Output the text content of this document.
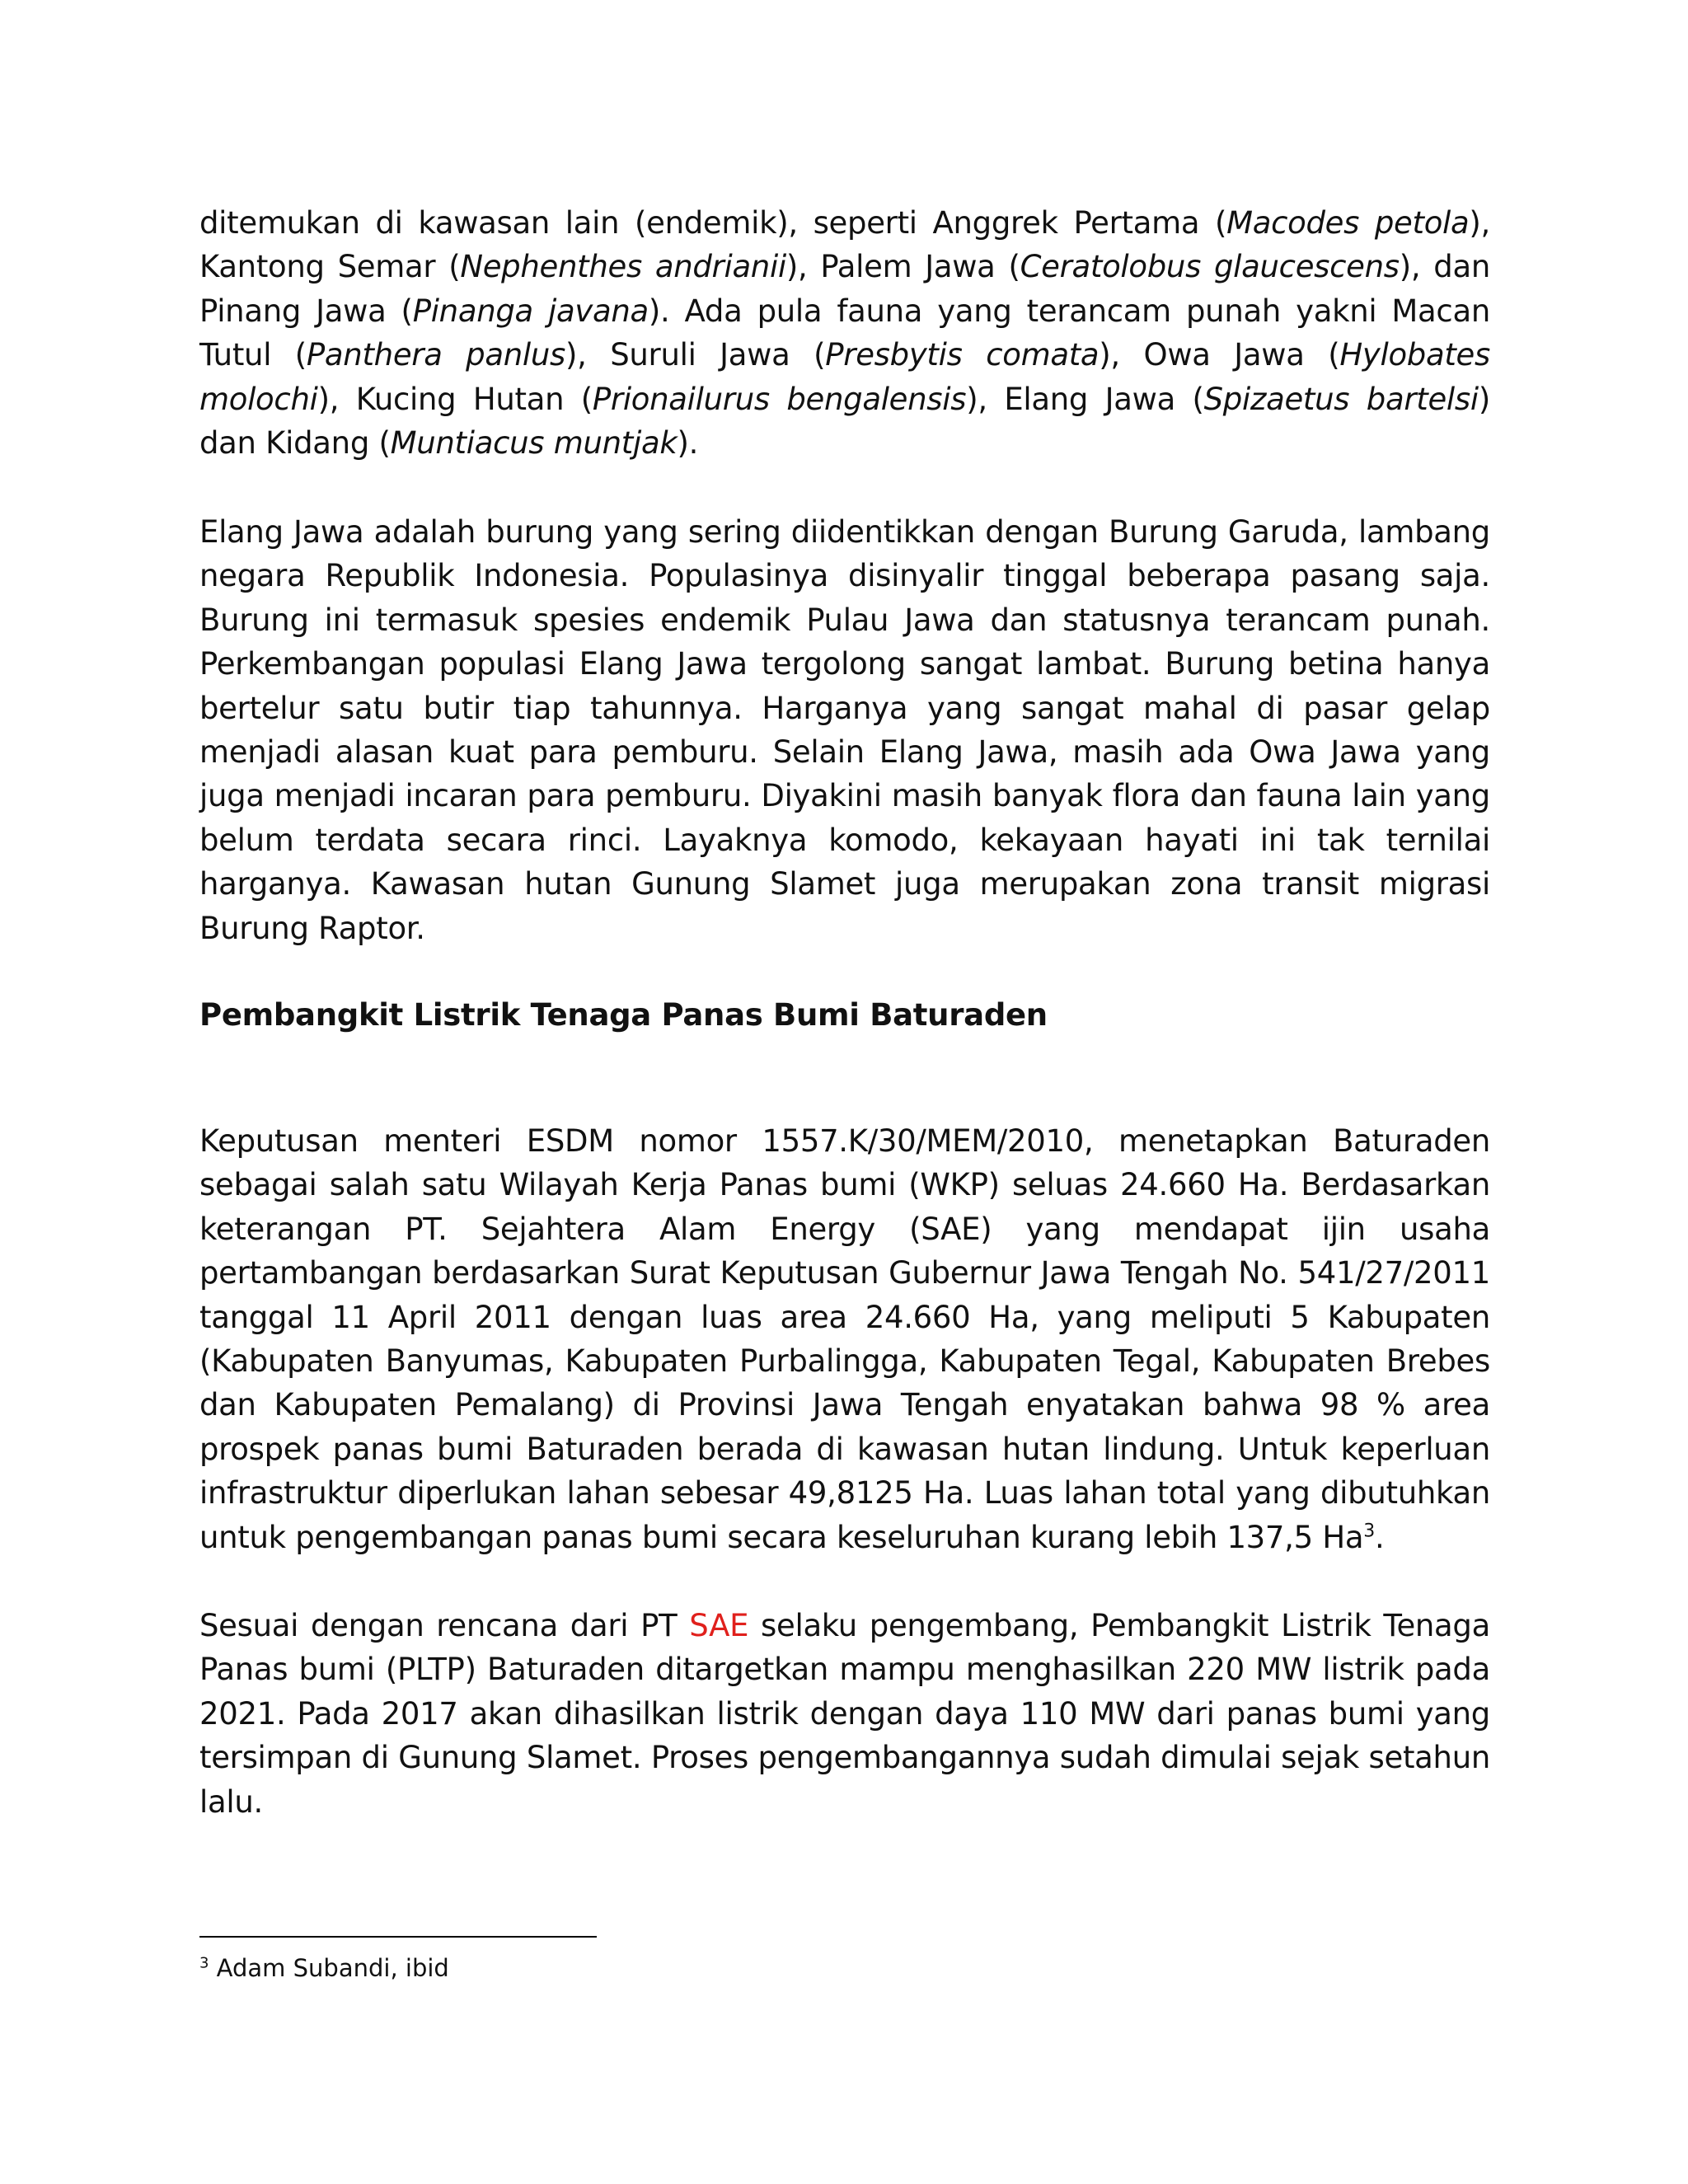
ditemukan di kawasan lain (endemik), seperti Anggrek Pertama (Macodes petola), Kantong Semar (Nephenthes andrianii), Palem Jawa (Ceratolobus glaucescens), dan Pinang Jawa (Pinanga javana). Ada pula fauna yang terancam punah yakni Macan Tutul (Panthera panlus), Suruli Jawa (Presbytis comata), Owa Jawa (Hylobates molochi), Kucing Hutan (Prionailurus bengalensis), Elang Jawa (Spizaetus bartelsi) dan Kidang (Muntiacus muntjak).

Elang Jawa adalah burung yang sering diidentikkan dengan Burung Garuda, lambang negara Republik Indonesia. Populasinya disinyalir tinggal beberapa pasang saja. Burung ini termasuk spesies endemik Pulau Jawa dan statusnya terancam punah. Perkembangan populasi Elang Jawa tergolong sangat lambat. Burung betina hanya bertelur satu butir tiap tahunnya. Harganya yang sangat mahal di pasar gelap menjadi alasan kuat para pemburu. Selain Elang Jawa, masih ada Owa Jawa yang juga menjadi incaran para pemburu. Diyakini masih banyak flora dan fauna lain yang belum terdata secara rinci. Layaknya komodo, kekayaan hayati ini tak ternilai harganya. Kawasan hutan Gunung Slamet juga merupakan zona transit migrasi Burung Raptor.

Pembangkit Listrik Tenaga Panas Bumi Baturaden

Keputusan menteri ESDM nomor 1557.K/30/MEM/2010, menetapkan Baturaden sebagai salah satu Wilayah Kerja Panas bumi (WKP) seluas 24.660 Ha. Berdasarkan keterangan PT. Sejahtera Alam Energy (SAE) yang mendapat ijin usaha pertambangan berdasarkan Surat Keputusan Gubernur Jawa Tengah No. 541/27/2011 tanggal 11 April 2011 dengan luas area 24.660 Ha, yang meliputi 5 Kabupaten (Kabupaten Banyumas, Kabupaten Purbalingga, Kabupaten Tegal, Kabupaten Brebes dan Kabupaten Pemalang) di Provinsi Jawa Tengah enyatakan bahwa 98 % area prospek panas bumi Baturaden berada di kawasan hutan lindung. Untuk keperluan infrastruktur diperlukan lahan sebesar 49,8125 Ha. Luas lahan total yang dibutuhkan untuk pengembangan panas bumi secara keseluruhan kurang lebih 137,5 Ha$^3$.

Sesuai dengan rencana dari PT SAE selaku pengembang, Pembangkit Listrik Tenaga Panas bumi (PLTP) Baturaden ditargetkan mampu menghasilkan 220 MW listrik pada 2021. Pada 2017 akan dihasilkan listrik dengan daya 110 MW dari panas bumi yang tersimpan di Gunung Slamet. Proses pengembangannya sudah dimulai sejak setahun lalu.

$^3$ Adam Subandi, ibid
